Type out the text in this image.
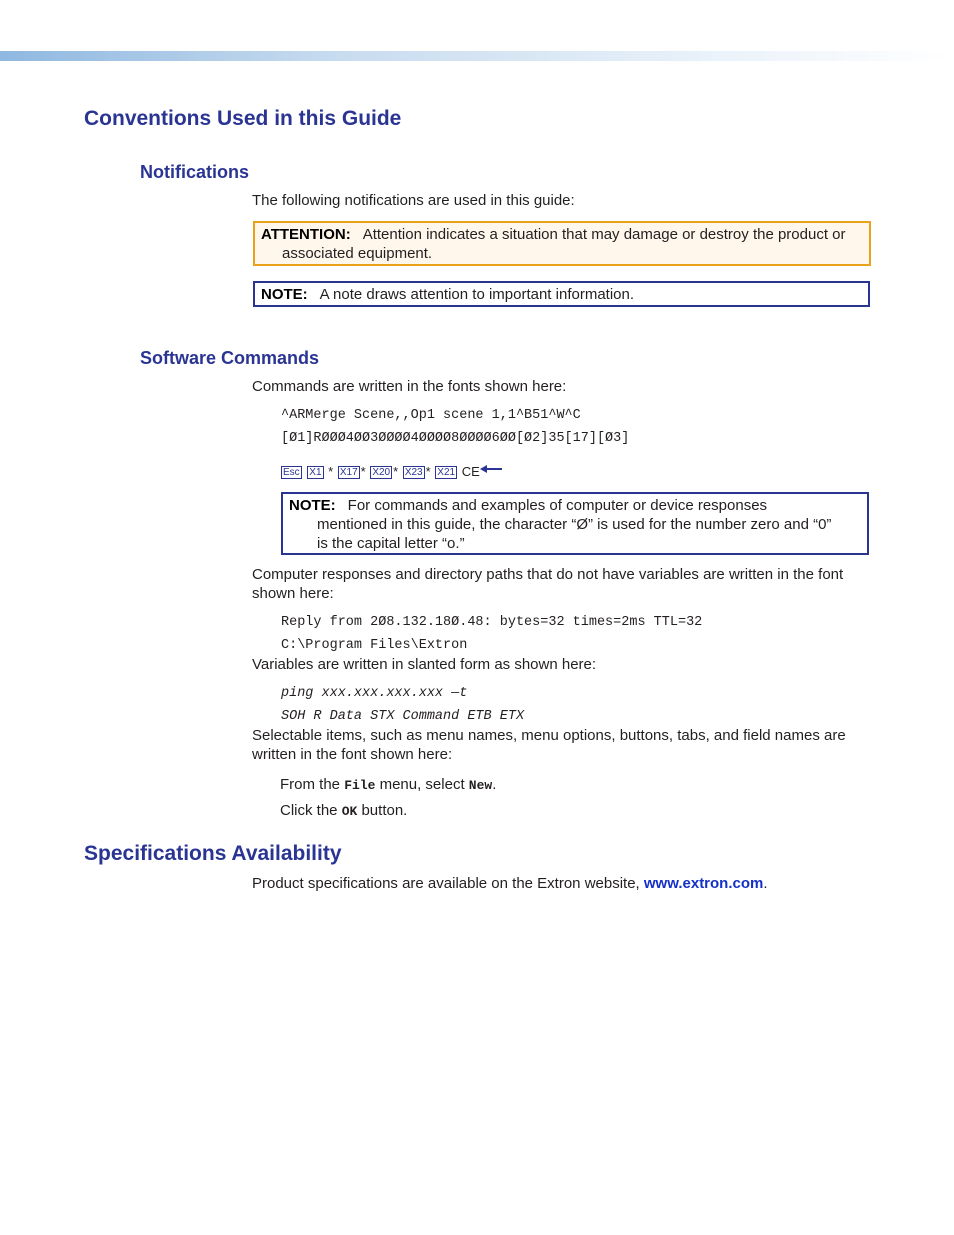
Conventions Used in this Guide
Notifications
The following notifications are used in this guide:
ATTENTION: Attention indicates a situation that may damage or destroy the product or
associated equipment.
NOTE: A note draws attention to important information.
Software Commands
Commands are written in the fonts shown here:
^ARMerge Scene,,Op1 scene 1,1^B51^W^C
[Ø1]RØØØ4ØØ3ØØØØ4ØØØØ8ØØØØ6ØØ[Ø2]35[17][Ø3]
Esc X1 * X17 * X20 * X23 * X21 CE
NOTE: For commands and examples of computer or device responses
mentioned in this guide, the character “Ø” is used for the number zero and “0”
is the capital letter “o.”
Computer responses and directory paths that do not have variables are written in the font
shown here:
Reply from 2Ø8.132.18Ø.48: bytes=32 times=2ms TTL=32
C:\Program Files\Extron
Variables are written in slanted form as shown here:
ping xxx.xxx.xxx.xxx —t
SOH R Data STX Command ETB ETX
Selectable items, such as menu names, menu options, buttons, tabs, and field names are
written in the font shown here:
From the File menu, select New.
Click the OK button.
Specifications Availability
Product specifications are available on the Extron website, www.extron.com.
